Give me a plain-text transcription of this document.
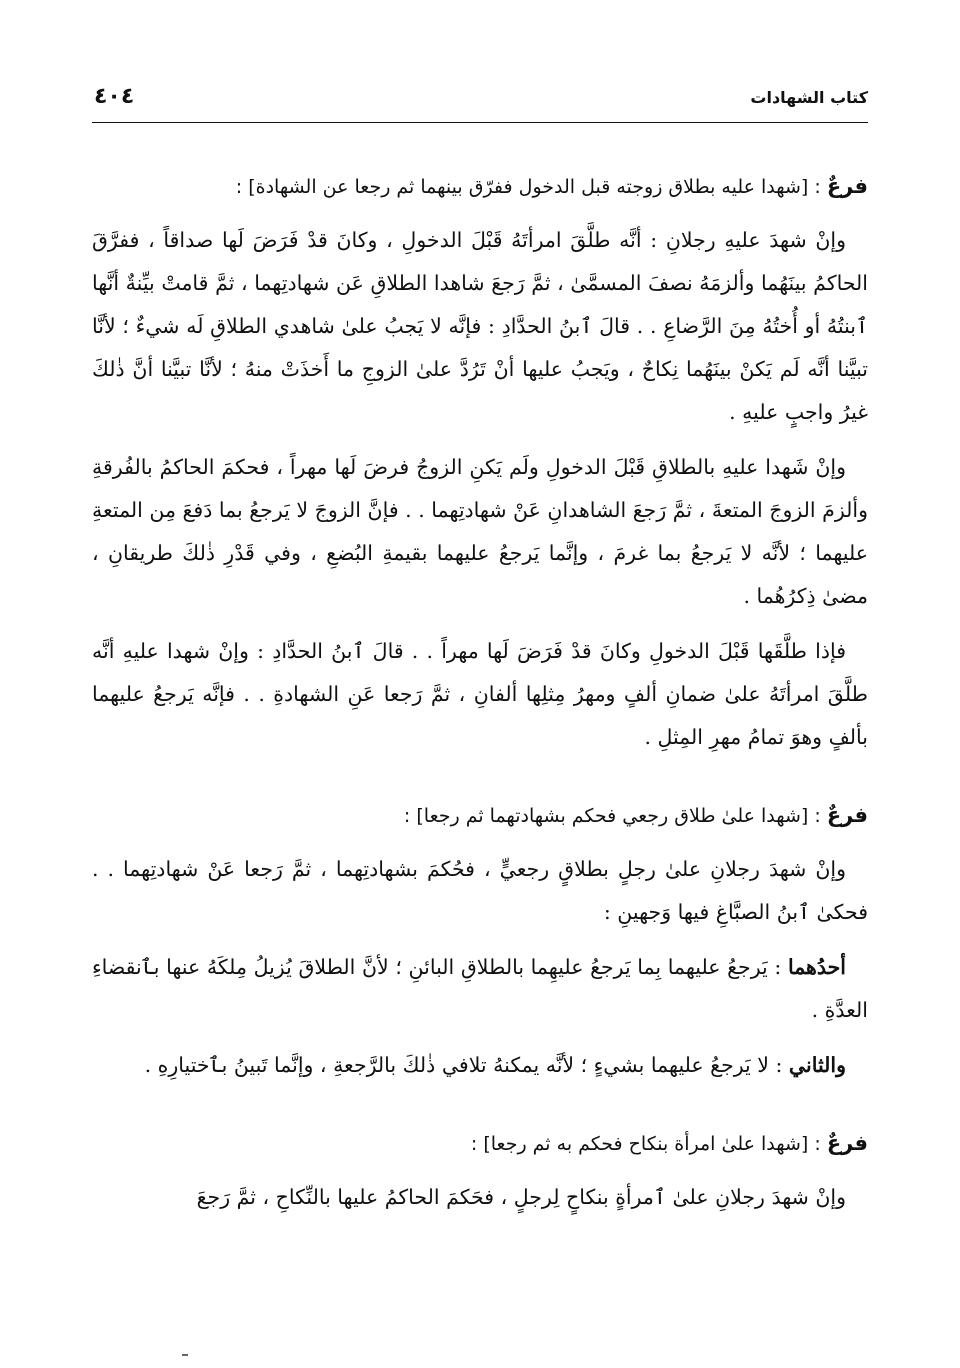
كتاب الشهادات
٤٠٤
فرعٌ : [شهدا عليه بطلاق زوجته قبل الدخول ففرّق بينهما ثم رجعا عن الشهادة] :

وإنْ شهدَ عليهِ رجلانِ : أنَّه طلَّقَ امرأتَهُ قَبْلَ الدخولِ ، وكانَ قدْ فَرَضَ لَها صداقاً ، ففرَّقَ الحاكمُ بينَهُما وألزمَهُ نصفَ المسمَّىٰ ، ثمَّ رَجعَ شاهدا الطلاقِ عَن شهادتِهما ، ثمَّ قامتْ بيِّنةٌ أنَّها ٱبنتُهُ أو أُختُهُ مِنَ الرَّضاعِ . . قالَ ٱبنُ الحدَّادِ : فإنَّه لا يَجبُ علىٰ شاهدي الطلاقِ لَه شيءٌ ؛ لأنَّا تبيَّنا أنَّه لَم يَكنْ بينَهُما نِكاحٌ ، ويَجبُ عليها أنْ تَرُدَّ علىٰ الزوجِ ما أَخذَتْ منهُ ؛ لأنَّا تبيَّنا أنَّ ذٰلكَ غيرُ واجبٍ عليهِ .

وإنْ شَهدا عليهِ بالطلاقِ قَبْلَ الدخولِ ولَم يَكنِ الزوجُ فرضَ لَها مهراً ، فحكمَ الحاكمُ بالفُرقةِ وألزمَ الزوجَ المتعةَ ، ثمَّ رَجعَ الشاهدانِ عَنْ شهادتِهما . . فإنَّ الزوجَ لا يَرجعُ بما دَفعَ مِن المتعةِ عليهما ؛ لأنَّه لا يَرجعُ بما غرمَ ، وإنَّما يَرجعُ عليهما بقيمةِ البُضعِ ، وفي قَدْرِ ذٰلكَ طريقانِ ، مضىٰ ذِكرُهُما .

فإذا طلَّقَها قَبْلَ الدخولِ وكانَ قدْ فَرَضَ لَها مهراً . . قالَ ٱبنُ الحدَّادِ : وإنْ شهدا عليهِ أنَّه طلَّقَ امرأتَهُ علىٰ ضمانِ ألفٍ ومهرُ مِثلِها ألفانِ ، ثمَّ رَجعا عَنِ الشهادةِ . . فإنَّه يَرجعُ عليهما بألفٍ وهوَ تمامُ مهرِ المِثلِ .

فرعٌ : [شهدا علىٰ طلاق رجعي فحكم بشهادتهما ثم رجعا] :

وإنْ شهدَ رجلانِ علىٰ رجلٍ بطلاقٍ رجعيٍّ ، فحُكمَ بشهادتِهما ، ثمَّ رَجعا عَنْ شهادتِهما . . فحكىٰ ٱبنُ الصبَّاغِ فيها وَجهينِ :

أحدُهما : يَرجعُ عليهما بِما يَرجعُ عليهِما بالطلاقِ البائنِ ؛ لأنَّ الطلاقَ يُزيلُ مِلكَهُ عنها بٱنقضاءِ العدَّةِ .

والثاني : لا يَرجعُ عليهما بشيءٍ ؛ لأنَّه يمكنهُ تلافي ذٰلكَ بالرَّجعةِ ، وإنَّما تَبينُ بٱختيارِهِ .

فرعٌ : [شهدا علىٰ امرأة بنكاح فحكم به ثم رجعا] :

وإنْ شهدَ رجلانِ علىٰ ٱمرأةٍ بنكاحٍ لِرجلٍ ، فحَكمَ الحاكمُ عليها بالنِّكاحِ ، ثمَّ رَجعَ
